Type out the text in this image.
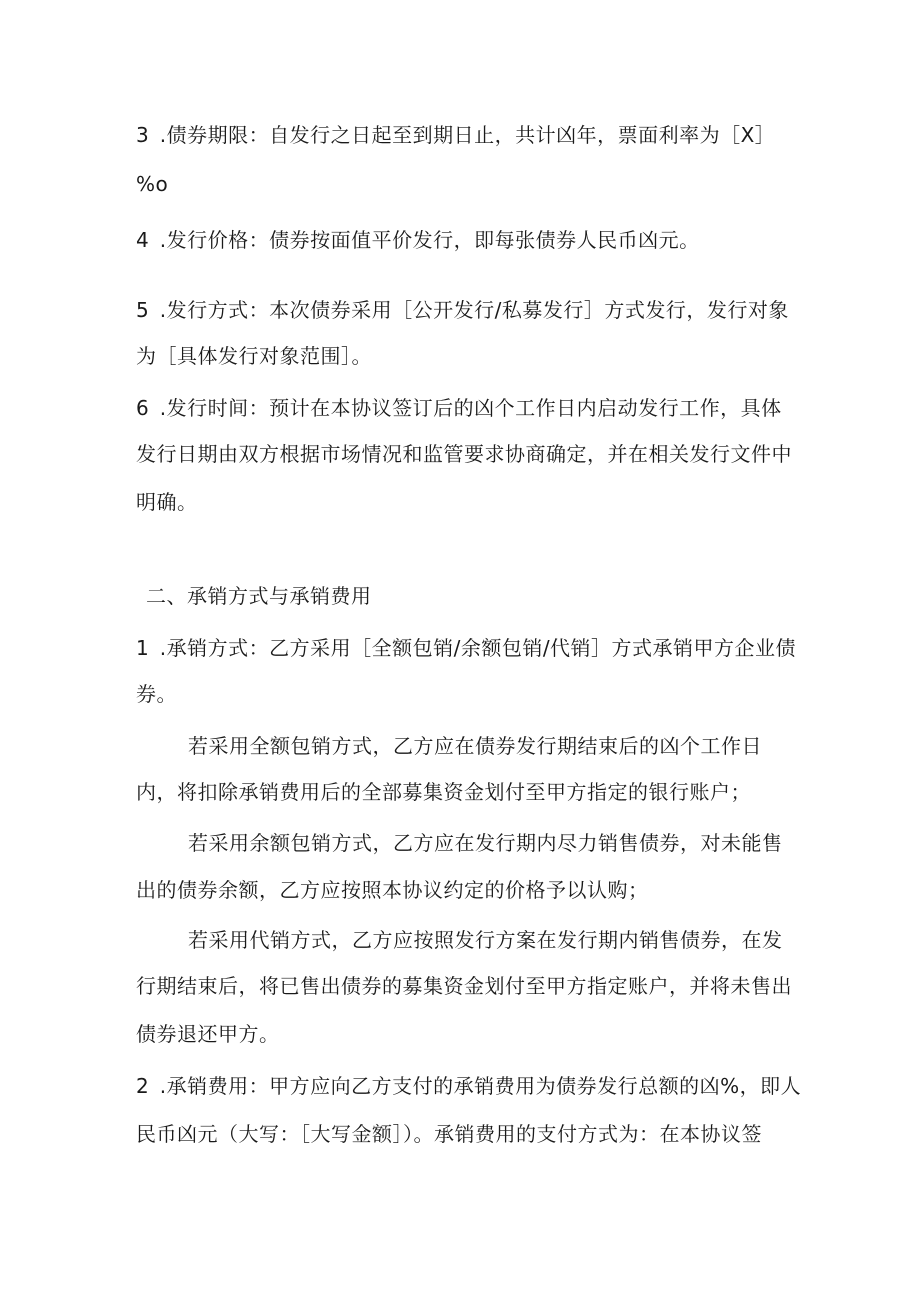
3 .债券期限：自发行之日起至到期日止，共计凶年，票面利率为［X］
%o
4 .发行价格：债券按面值平价发行，即每张债券人民币凶元。
5 .发行方式：本次债券采用［公开发行/私募发行］方式发行，发行对象
为［具体发行对象范围］。
6 .发行时间：预计在本协议签订后的凶个工作日内启动发行工作，具体
发行日期由双方根据市场情况和监管要求协商确定，并在相关发行文件中
明确。
二、承销方式与承销费用
1 .承销方式：乙方采用［全额包销/余额包销/代销］方式承销甲方企业债
券。
若采用全额包销方式，乙方应在债券发行期结束后的凶个工作日
内，将扣除承销费用后的全部募集资金划付至甲方指定的银行账户；
若采用余额包销方式，乙方应在发行期内尽力销售债券，对未能售
出的债券余额，乙方应按照本协议约定的价格予以认购；
若采用代销方式，乙方应按照发行方案在发行期内销售债券，在发
行期结束后，将已售出债券的募集资金划付至甲方指定账户，并将未售出
债券退还甲方。
2 .承销费用：甲方应向乙方支付的承销费用为债券发行总额的凶%，即人
民币凶元（大写：［大写金额］）。承销费用的支付方式为：在本协议签
